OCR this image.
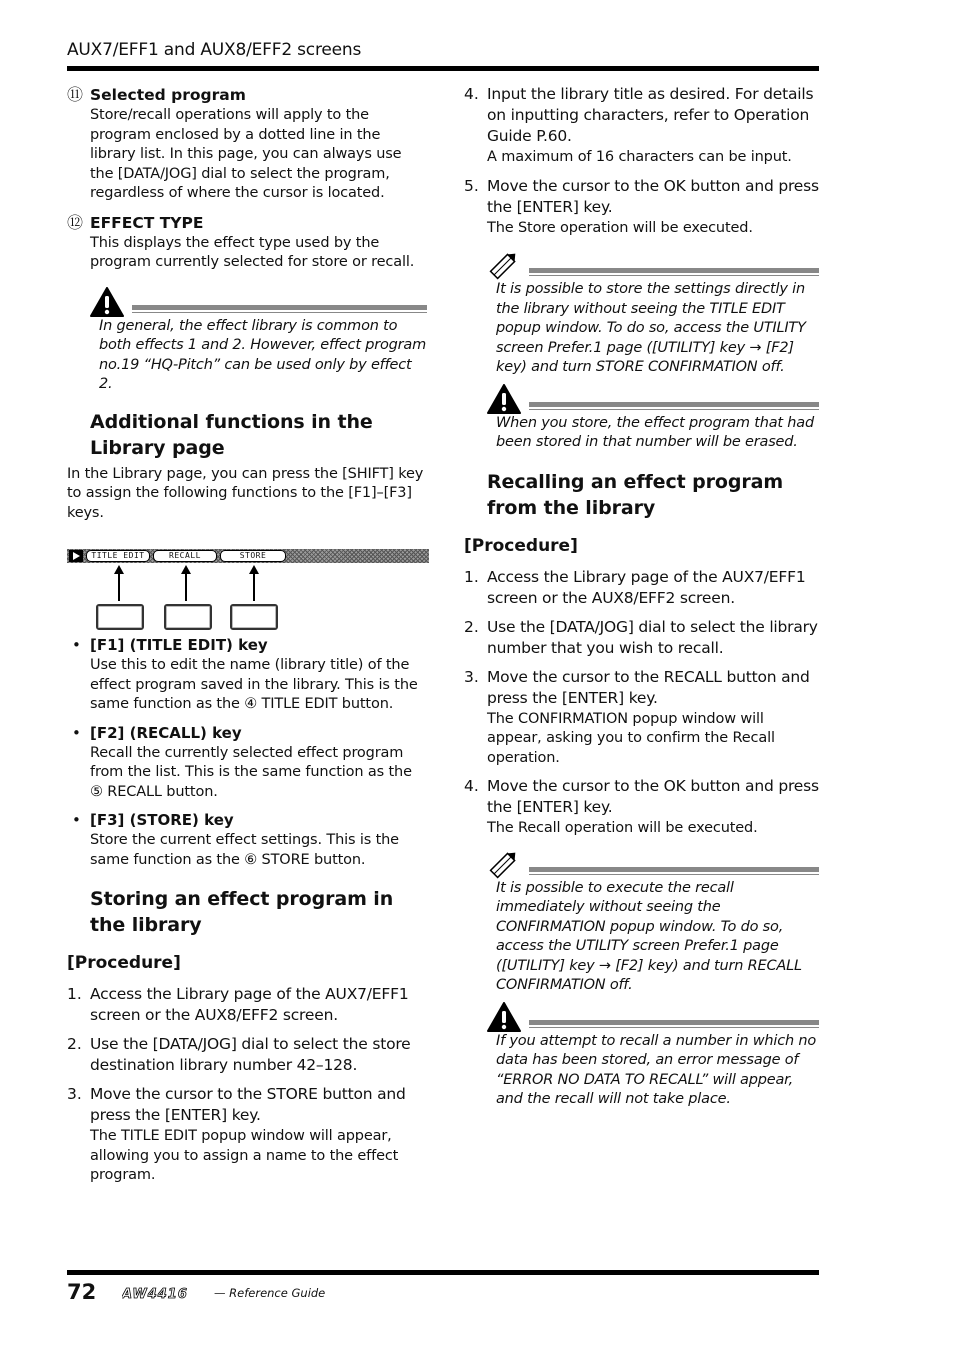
AUX7/EFF1 and AUX8/EFF2 screens
⑪ Selected program
Store/recall operations will apply to the program enclosed by a dotted line in the library list. In this page, you can always use the [DATA/JOG] dial to select the program, regardless of where the cursor is located.
⑫ EFFECT TYPE
This displays the effect type used by the program currently selected for store or recall.
In general, the effect library is common to both effects 1 and 2. However, effect program no.19 “HQ-Pitch” can be used only by effect 2.
Additional functions in the Library page
In the Library page, you can press the [SHIFT] key to assign the following functions to the [F1]–[F3] keys.
TITLE EDIT	RECALL	STORE
• [F1] (TITLE EDIT) key
Use this to edit the name (library title) of the effect program saved in the library. This is the same function as the ④ TITLE EDIT button.
• [F2] (RECALL) key
Recall the currently selected effect program from the list. This is the same function as the ⑤ RECALL button.
• [F3] (STORE) key
Store the current effect settings. This is the same function as the ⑥ STORE button.
Storing an effect program in the library
[Procedure]
1. Access the Library page of the AUX7/EFF1 screen or the AUX8/EFF2 screen.
2. Use the [DATA/JOG] dial to select the store destination library number 42–128.
3. Move the cursor to the STORE button and press the [ENTER] key.
The TITLE EDIT popup window will appear, allowing you to assign a name to the effect program.
4. Input the library title as desired. For details on inputting characters, refer to Operation Guide P.60.
A maximum of 16 characters can be input.
5. Move the cursor to the OK button and press the [ENTER] key.
The Store operation will be executed.
It is possible to store the settings directly in the library without seeing the TITLE EDIT popup window. To do so, access the UTILITY screen Prefer.1 page ([UTILITY] key → [F2] key) and turn STORE CONFIRMATION off.
When you store, the effect program that had been stored in that number will be erased.
Recalling an effect program from the library
[Procedure]
1. Access the Library page of the AUX7/EFF1 screen or the AUX8/EFF2 screen.
2. Use the [DATA/JOG] dial to select the library number that you wish to recall.
3. Move the cursor to the RECALL button and press the [ENTER] key.
The CONFIRMATION popup window will appear, asking you to confirm the Recall operation.
4. Move the cursor to the OK button and press the [ENTER] key.
The Recall operation will be executed.
It is possible to execute the recall immediately without seeing the CONFIRMATION popup window. To do so, access the UTILITY screen Prefer.1 page ([UTILITY] key → [F2] key) and turn RECALL CONFIRMATION off.
If you attempt to recall a number in which no data has been stored, an error message of “ERROR NO DATA TO RECALL” will appear, and the recall will not take place.
72 AW4416 — Reference Guide
